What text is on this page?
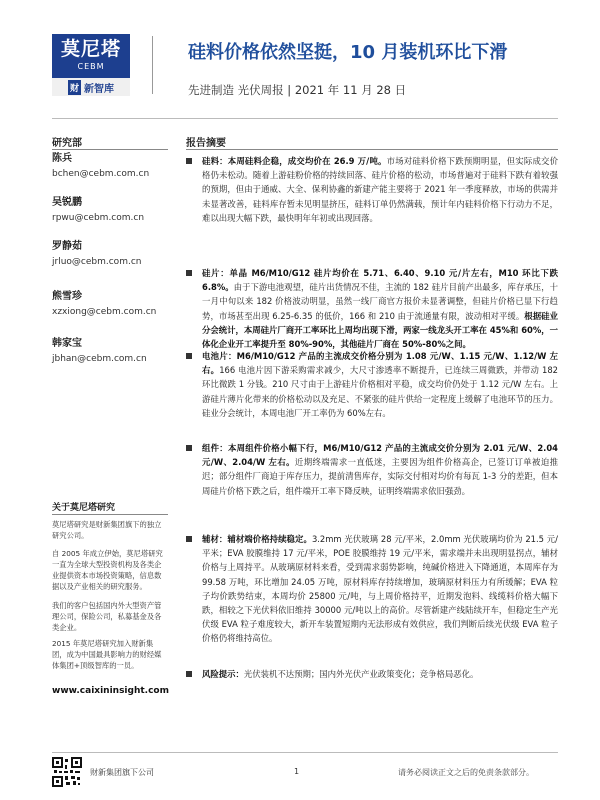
莫尼塔
CEBM
财 新智库
硅料价格依然坚挺，10 月装机环比下滑
先进制造 光伏周报 | 2021 年 11 月 28 日
研究部
陈兵
bchen@cebm.com.cn
吴锐鹏
rpwu@cebm.com.cn
罗静茹
jrluo@cebm.com.cn
熊雪珍
xzxiong@cebm.com.cn
韩家宝
jbhan@cebm.com.cn
关于莫尼塔研究
莫尼塔研究是财新集团旗下的独立研究公司。
自 2005 年成立伊始，莫尼塔研究一直为全球大型投资机构及各类企业提供资本市场投资策略，信息数据以及产业相关的研究服务。
我们的客户包括国内外大型资产管理公司，保险公司，私募基金及各类企业。
2015 年莫尼塔研究加入财新集团，成为中国最具影响力的财经媒体集团+顶级智库的一员。
www.caixininsight.com
报告摘要
硅料：本周硅料企稳，成交均价在 26.9 万/吨。市场对硅料价格下跌预期明显，但实际成交价格仍未松动。随着上游硅粉价格的持续回落、硅片价格的松动，市场普遍对于硅料下跌有着较强的预期，但由于通威、大全、保利协鑫的新建产能主要将于 2021 年一季度释放，市场的供需并未显著改善，硅料库存暂未见明显挤压，硅料订单仍然满载，预计年内硅料价格下行动力不足，难以出现大幅下跌，最快明年年初或出现回落。
硅片：单晶 M6/M10/G12 硅片均价在 5.71、6.40、9.10 元/片左右，M10 环比下跌 6.8%。由于下游电池观望，硅片出货情况不佳，主流的 182 硅片目前产出最多，库存承压，十一月中旬以来 182 价格波动明显，虽然一线厂商官方报价未显著调整，但硅片价格已显下行趋势，市场甚至出现 6.25-6.35 的低价，166 和 210 由于流通量有限，波动相对平缓。根据硅业分会统计，本周硅片厂商开工率环比上周均出现下滑，两家一线龙头开工率在 45%和 60%，一体化企业开工率提升至 80%-90%，其他硅片厂商在 50%-80%之间。
电池片：M6/M10/G12 产品的主流成交价格分别为 1.08 元/W、1.15 元/W、1.12/W 左右。166 电池片因下游采购需求减少，大尺寸渗透率不断提升，已连续三周微跌，并带动 182 环比微跌 1 分钱。210 尺寸由于上游硅片价格相对平稳，成交均价仍处于 1.12 元/W 左右。上游硅片薄片化带来的价格松动以及充足、不紧张的硅片供给一定程度上缓解了电池环节的压力。硅业分会统计，本周电池厂开工率仍为 60%左右。
组件：本周组件价格小幅下行，M6/M10/G12 产品的主流成交价分别为 2.01 元/W、2.04 元/W、2.04/W 左右。近期终端需求一直低迷，主要因为组件价格高企，已签订订单被迫推迟；部分组件厂商迫于库存压力，提前清售库存，实际交付相对均价有每瓦 1-3 分的差距，但本周硅片价格下跌之后，组件端开工率下降反映，证明终端需求依旧强劲。
辅材：辅材端价格持续稳定。3.2mm 光伏玻璃 28 元/平米，2.0mm 光伏玻璃均价为 21.5 元/平米；EVA 胶膜维持 17 元/平米，POE 胶膜维持 19 元/平米，需求端并未出现明显拐点，辅材价格与上周持平。从玻璃原材料来看，受到需求弱势影响，纯碱价格进入下降通道，本周库存为 99.58 万吨，环比增加 24.05 万吨，原材料库存持续增加，玻璃原材料压力有所缓解；EVA 粒子均价跌势结束，本周均价 25800 元/吨，与上周价格持平，近期发泡料、线缆料价格大幅下跌，相较之下光伏料依旧维持 30000 元/吨以上的高价。尽管新建产线陆续开车，但稳定生产光伏级 EVA 粒子难度较大，新开车装置短期内无法形成有效供应，我们判断后续光伏级 EVA 粒子价格仍将维持高位。
风险提示：光伏装机不达预期；国内外光伏产业政策变化；竞争格局恶化。
财新集团旗下公司	1	请务必阅读正文之后的免责条款部分。
